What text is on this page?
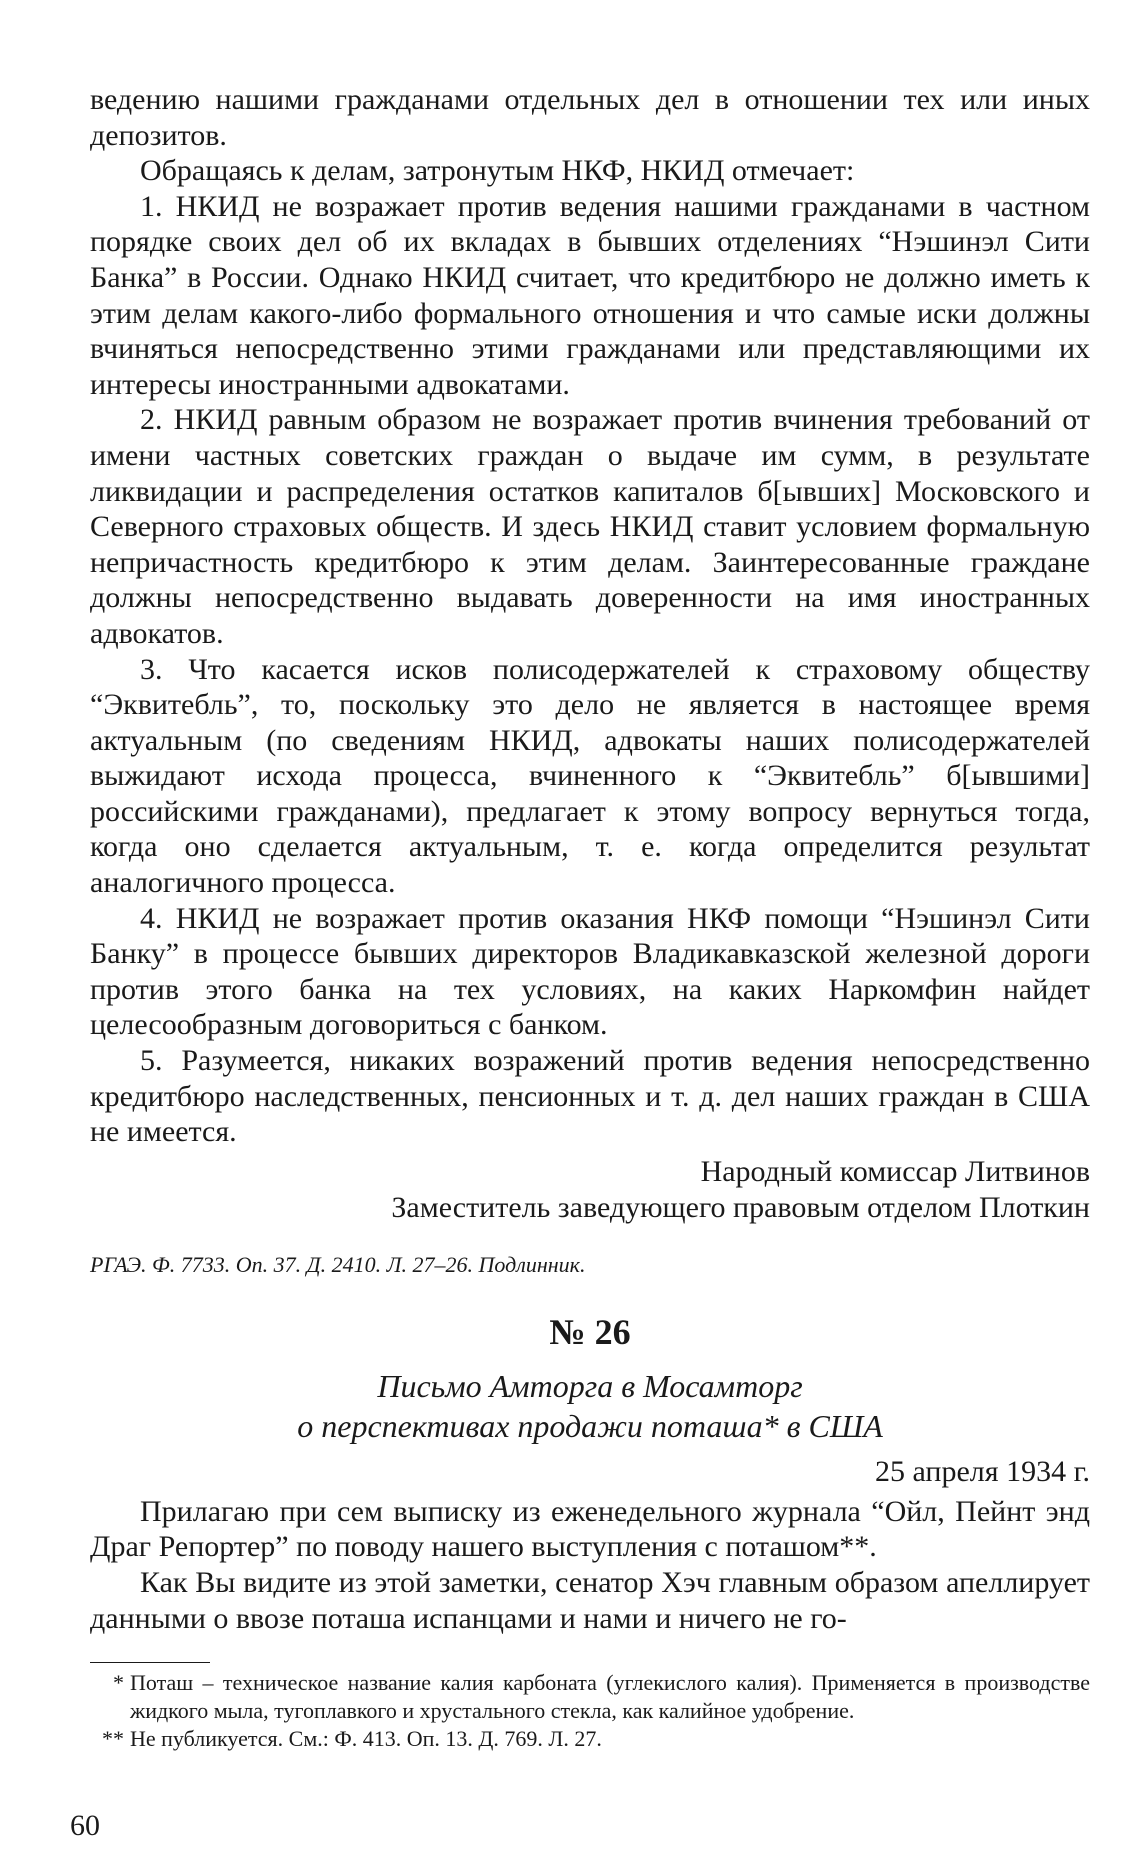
ведению нашими гражданами отдельных дел в отношении тех или иных депозитов.

Обращаясь к делам, затронутым НКФ, НКИД отмечает:

1. НКИД не возражает против ведения нашими гражданами в частном порядке своих дел об их вкладах в бывших отделениях “Нэшинэл Сити Банка” в России. Однако НКИД считает, что кредитбюро не должно иметь к этим делам какого-либо формального отношения и что самые иски должны вчиняться непосредственно этими гражданами или представляющими их интересы иностранными адвокатами.

2. НКИД равным образом не возражает против вчинения требований от имени частных советских граждан о выдаче им сумм, в результате ликвидации и распределения остатков капиталов б[ывших] Московского и Северного страховых обществ. И здесь НКИД ставит условием формальную непричастность кредитбюро к этим делам. Заинтересованные граждане должны непосредственно выдавать доверенности на имя иностранных адвокатов.

3. Что касается исков полисодержателей к страховому обществу “Эквитебль”, то, поскольку это дело не является в настоящее время актуальным (по сведениям НКИД, адвокаты наших полисодержателей выжидают исхода процесса, вчиненного к “Эквитебль” б[ывшими] российскими гражданами), предлагает к этому вопросу вернуться тогда, когда оно сделается актуальным, т. е. когда определится результат аналогичного процесса.

4. НКИД не возражает против оказания НКФ помощи “Нэшинэл Сити Банку” в процессе бывших директоров Владикавказской железной дороги против этого банка на тех условиях, на каких Наркомфин найдет целесообразным договориться с банком.

5. Разумеется, никаких возражений против ведения непосредственно кредитбюро наследственных, пенсионных и т. д. дел наших граждан в США не имеется.

Народный комиссар Литвинов
Заместитель заведующего правовым отделом Плоткин
РГАЭ. Ф. 7733. Оп. 37. Д. 2410. Л. 27–26. Подлинник.
№ 26
Письмо Амторга в Мосамторг
о перспективах продажи поташа* в США
25 апреля 1934 г.

Прилагаю при сем выписку из еженедельного журнала “Ойл, Пейнт энд Драг Репортер” по поводу нашего выступления с поташом**.

Как Вы видите из этой заметки, сенатор Хэч главным образом апеллирует данными о ввозе поташа испанцами и нами и ничего не го-

* Поташ – техническое название калия карбоната (углекислого калия). Применяется в производстве жидкого мыла, тугоплавкого и хрустального стекла, как калийное удобрение.

** Не публикуется. См.: Ф. 413. Оп. 13. Д. 769. Л. 27.

60
